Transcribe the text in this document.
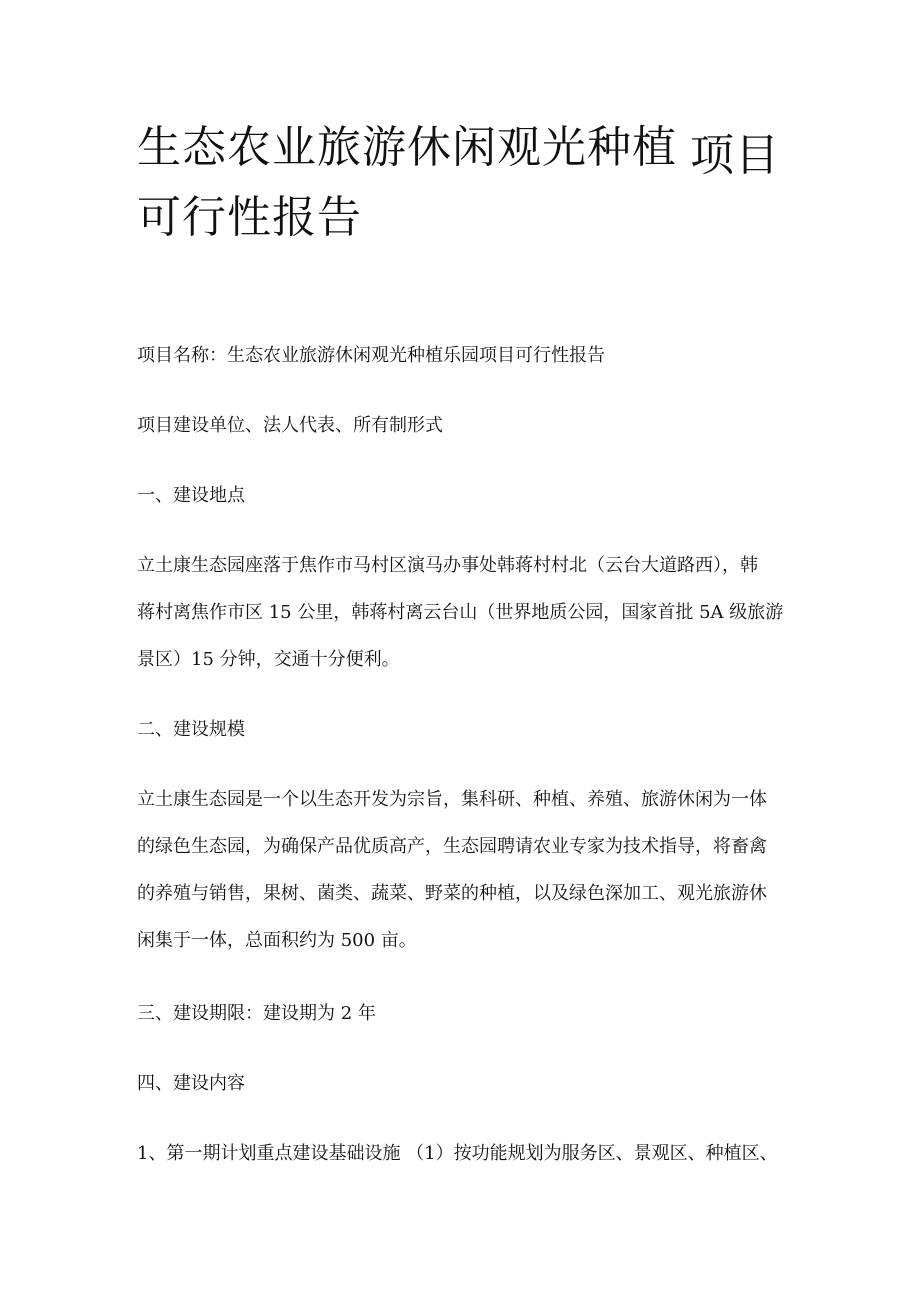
生态农业旅游休闲观光种植 项目
可行性报告
项目名称：生态农业旅游休闲观光种植乐园项目可行性报告
项目建设单位、法人代表、所有制形式
一、建设地点
立土康生态园座落于焦作市马村区演马办事处韩蒋村村北（云台大道路西），韩
蒋村离焦作市区 15 公里，韩蒋村离云台山（世界地质公园，国家首批 5A 级旅游
景区）15 分钟，交通十分便利。
二、建设规模
立土康生态园是一个以生态开发为宗旨，集科研、种植、养殖、旅游休闲为一体
的绿色生态园，为确保产品优质高产，生态园聘请农业专家为技术指导，将畜禽
的养殖与销售，果树、菌类、蔬菜、野菜的种植，以及绿色深加工、观光旅游休
闲集于一体，总面积约为 500 亩。
三、建设期限：建设期为 2 年
四、建设内容
1、第一期计划重点建设基础设施 （1）按功能规划为服务区、景观区、种植区、
